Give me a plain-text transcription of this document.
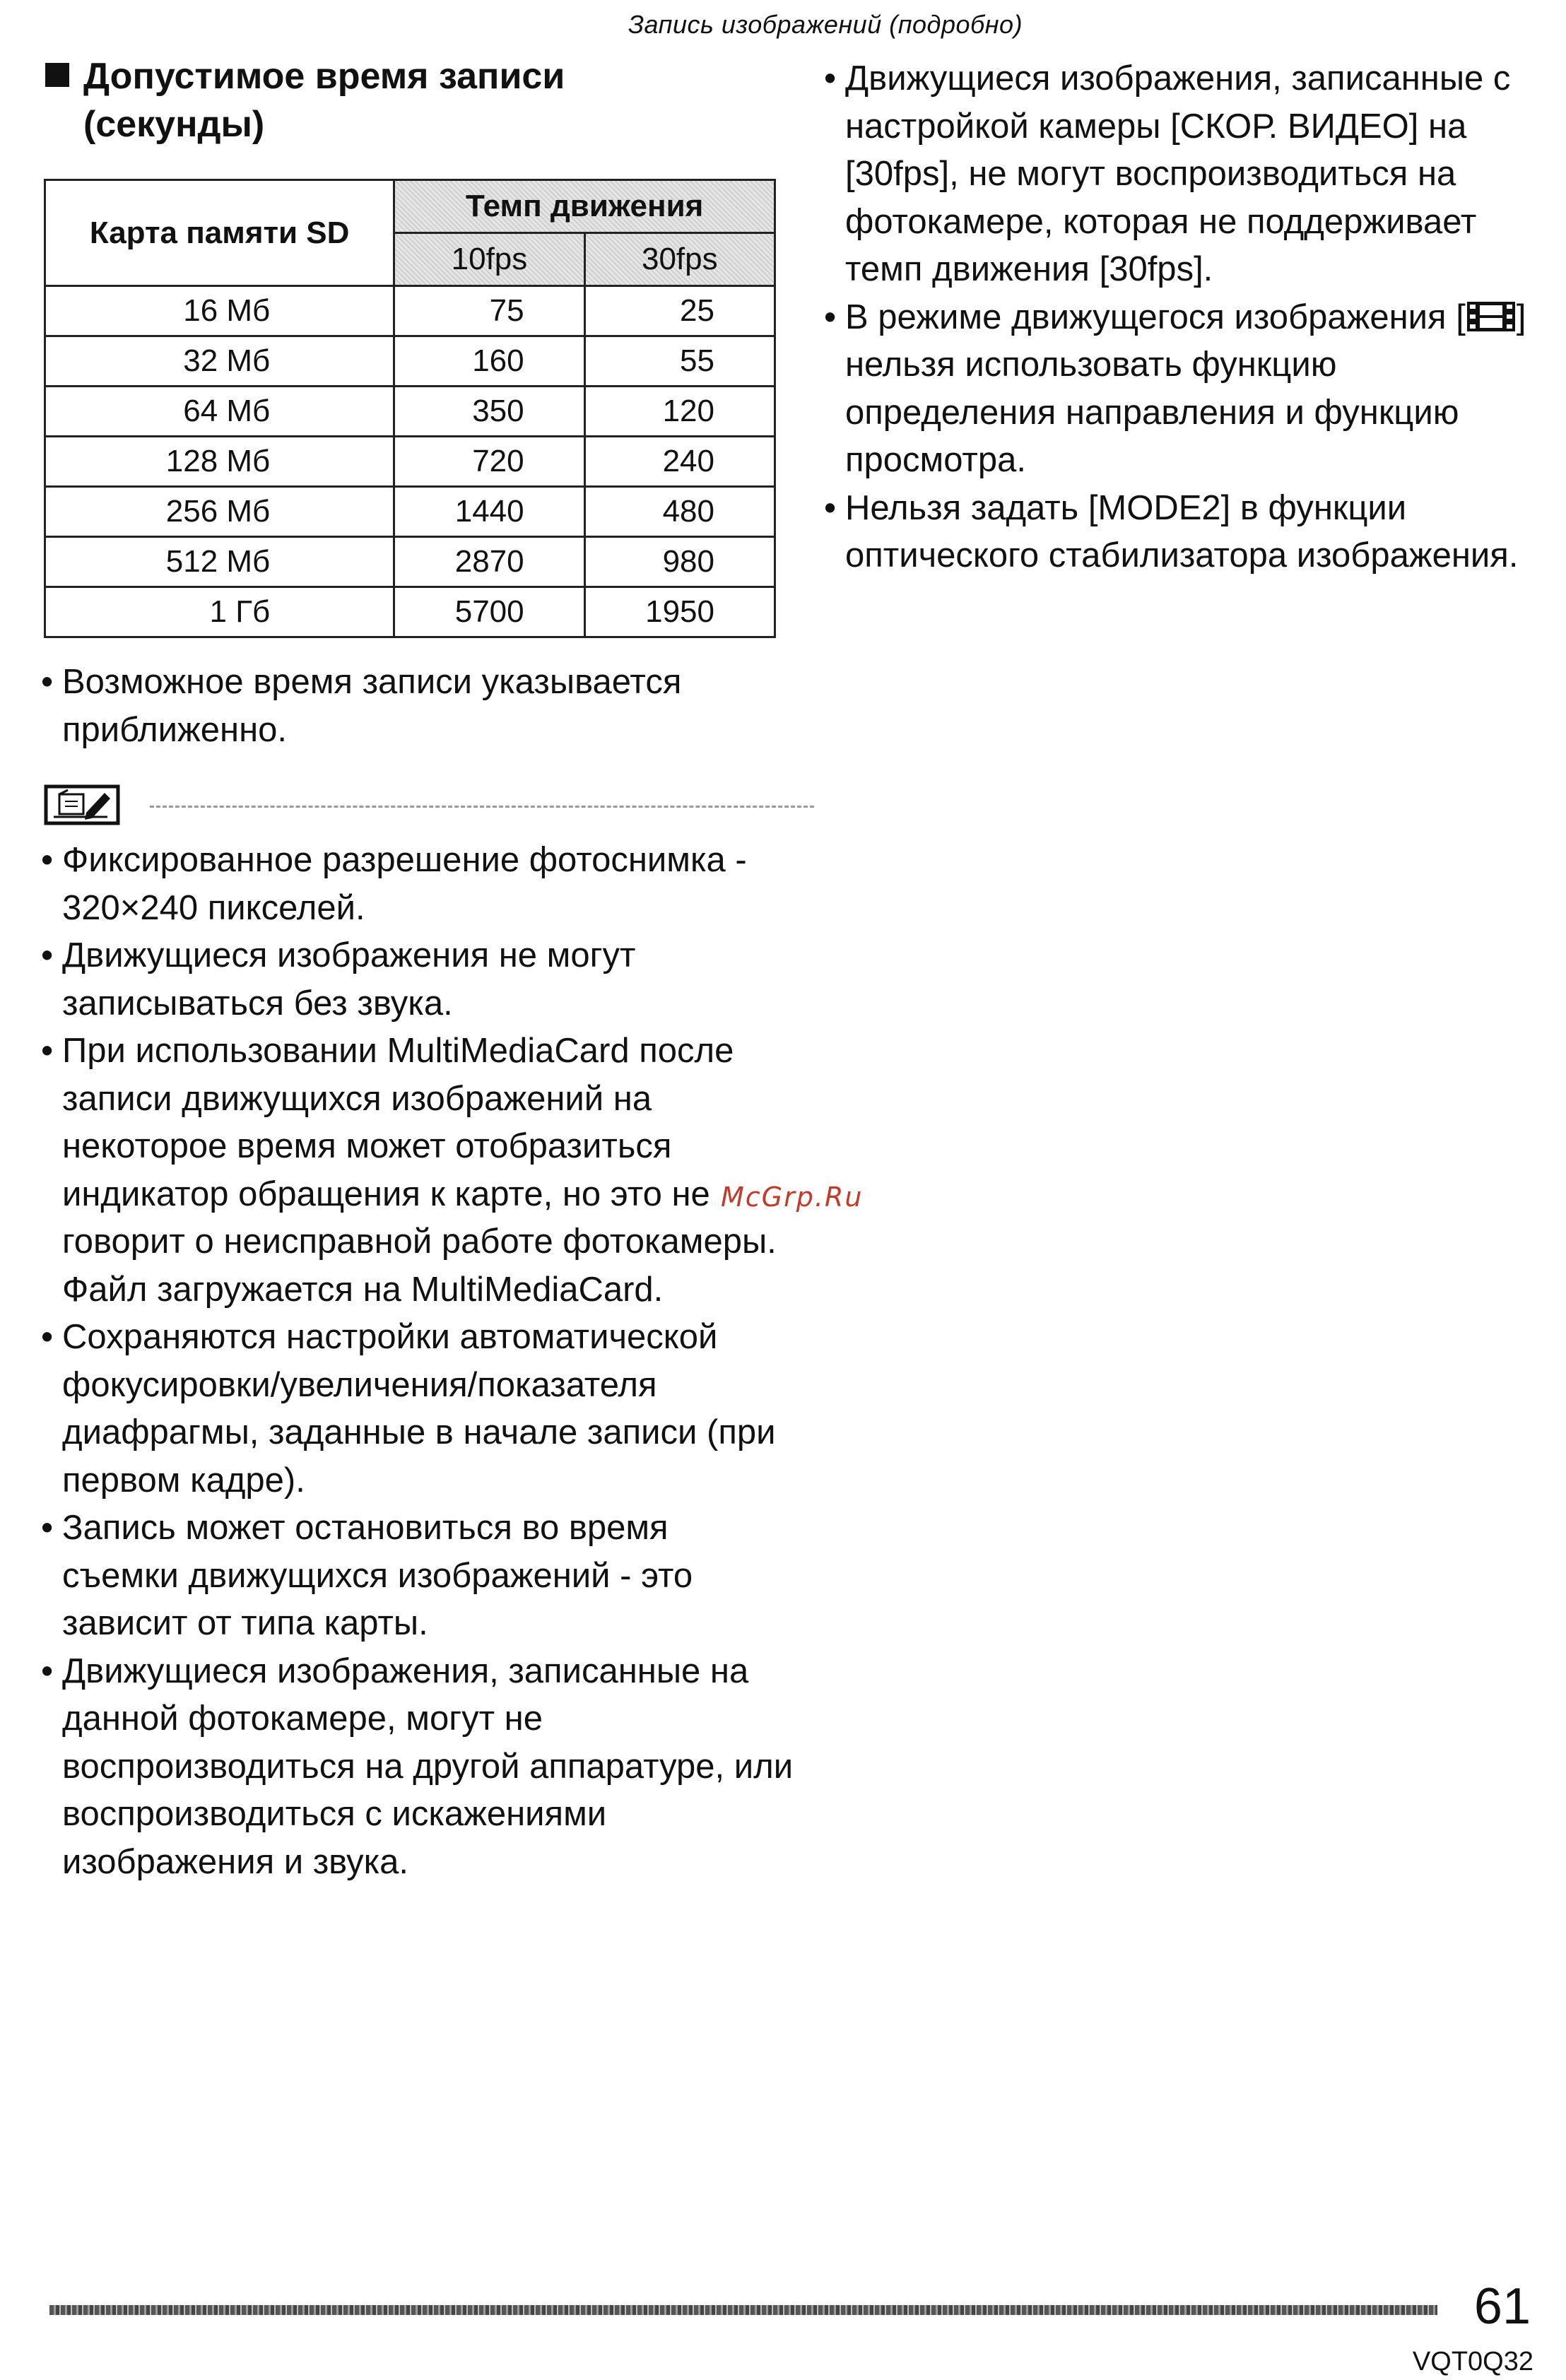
Запись изображений (подробно)
Допустимое время записи
(секунды)
Карта памяти SD	Темп движения	
	10fps	30fps
16 Мб	75	25
32 Мб	160	55
64 Мб	350	120
128 Мб	720	240
256 Мб	1440	480
512 Мб	2870	980
1 Гб	5700	1950
• Возможное время записи указывается приближенно.
• Фиксированное разрешение фотоснимка - 320×240 пикселей.
• Движущиеся изображения не могут записываться без звука.
• При использовании MultiMediaCard после записи движущихся изображений на некоторое время может отобразиться индикатор обращения к карте, но это не говорит о неисправной работе фотокамеры. Файл загружается на MultiMediaCard.
• Сохраняются настройки автоматической фокусировки/увеличения/показателя диафрагмы, заданные в начале записи (при первом кадре).
• Запись может остановиться во время съемки движущихся изображений - это зависит от типа карты.
• Движущиеся изображения, записанные на данной фотокамере, могут не воспроизводиться на другой аппаратуре, или воспроизводиться с искажениями изображения и звука.
• Движущиеся изображения, записанные с настройкой камеры [СКОР. ВИДЕО] на [30fps], не могут воспроизводиться на фотокамере, которая не поддерживает темп движения [30fps].
• В режиме движущегося изображения [ ] нельзя использовать функцию определения направления и функцию просмотра.
• Нельзя задать [MODE2] в функции оптического стабилизатора изображения.
McGrp.Ru
61
VQT0Q32
